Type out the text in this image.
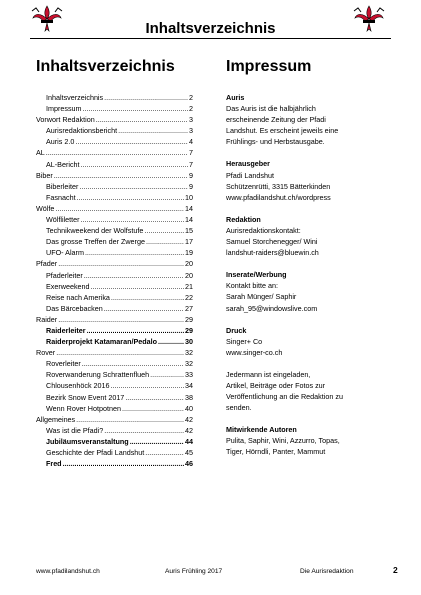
Inhaltsverzeichnis
Inhaltsverzeichnis	Impressum
Inhaltsverzeichnis .....	2
Impressum .....	2
Vorwort Redaktion .....	3
Aurisredaktionsbericht .....	3
Auris 2.0 .....	4
AL .....	7
AL-Bericht .....	7
Biber .....	9
Biberleiter .....	9
Fasnacht .....	10
Wölfe .....	14
Wölfliletter .....	14
Technikweekend der Wolfstufe .....	15
Das grosse Treffen der Zwerge .....	17
UFO- Alarm .....	19
Pfader .....	20
Pfaderleiter .....	20
Exerweekend .....	21
Reise nach Amerika .....	22
Das Bärcebacken .....	27
Raider .....	29
Raiderleiter .....	29
Raiderprojekt Katamaran/Pedalo .....	30
Rover .....	32
Roverleiter .....	32
Roverwanderung Schrattenflueh .....	33
Chlousenhöck 2016 .....	34
Bezirk Snow Event 2017 .....	38
Wenn Rover Hotpotnen .....	40
Allgemeines .....	42
Was ist die Pfadi? .....	42
Jubiläumsveranstaltung .....	44
Geschichte der Pfadi Landshut .....	45
Fred .....	46
Auris
Das Auris ist die halbjährlich
erscheinende Zeitung der Pfadi
Landshut. Es erscheint jeweils eine
Frühlings- und Herbstausgabe.
Herausgeber
Pfadi Landshut
Schützenrütti, 3315 Bätterkinden
www.pfadilandshut.ch/wordpress
Redaktion
Aurisredaktionskontakt:
Samuel Storchenegger/ Wini
landshut-raiders@bluewin.ch
Inserate/Werbung
Kontakt bitte an:
Sarah Münger/ Saphir
sarah_95@windowslive.com
Druck
Singer+ Co
www.singer-co.ch
Jedermann ist eingeladen,
Artikel, Beiträge oder Fotos zur
Veröffentlichung an die Redaktion zu
senden.
Mitwirkende Autoren
Pulita, Saphir, Wini, Azzurro, Topas,
Tiger, Hörndli, Panter, Mammut
www.pfadilandshut.ch	Auris Frühling 2017	Die Aurisredaktion	2
